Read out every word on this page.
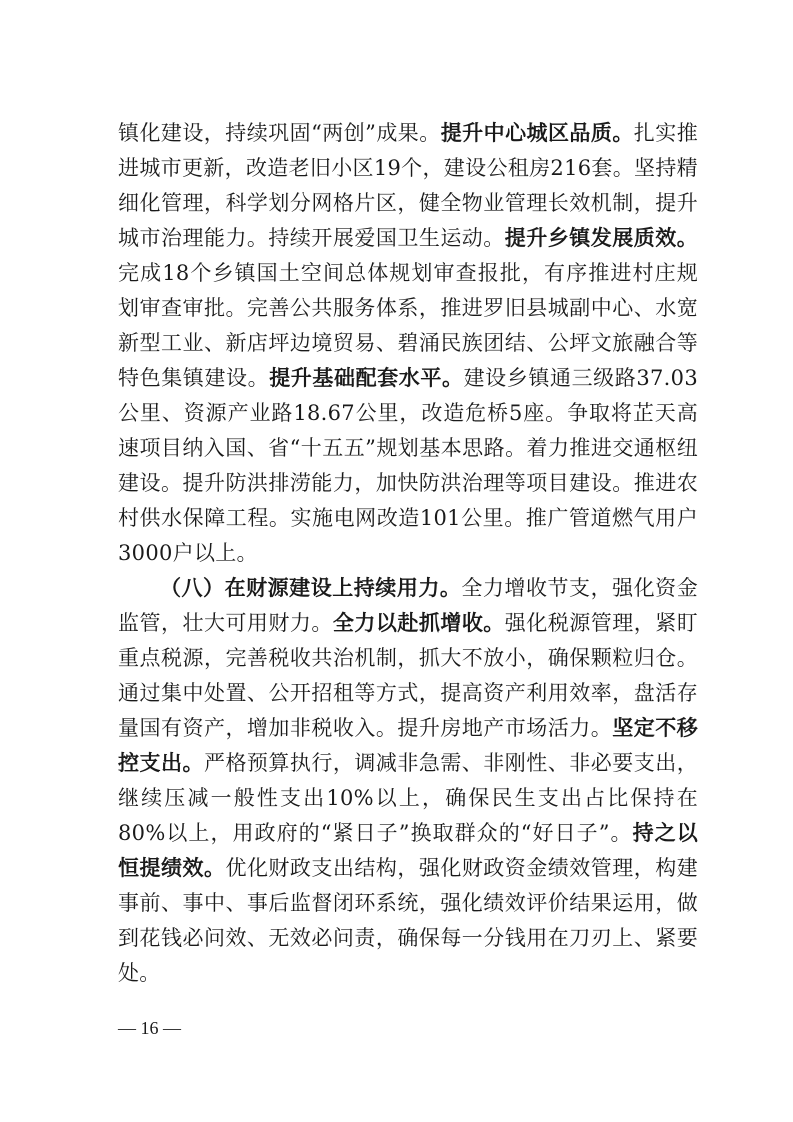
镇化建设，持续巩固“两创”成果。提升中心城区品质。扎实推进城市更新，改造老旧小区19个，建设公租房216套。坚持精细化管理，科学划分网格片区，健全物业管理长效机制，提升城市治理能力。持续开展爱国卫生运动。提升乡镇发展质效。完成18个乡镇国土空间总体规划审查报批，有序推进村庄规划审查审批。完善公共服务体系，推进罗旧县城副中心、水宽新型工业、新店坪边境贸易、碧涌民族团结、公坪文旅融合等特色集镇建设。提升基础配套水平。建设乡镇通三级路37.03公里、资源产业路18.67公里，改造危桥5座。争取将芷天高速项目纳入国、省“十五五”规划基本思路。着力推进交通枢纽建设。提升防洪排涝能力，加快防洪治理等项目建设。推进农村供水保障工程。实施电网改造101公里。推广管道燃气用户3000户以上。

（八）在财源建设上持续用力。全力增收节支，强化资金监管，壮大可用财力。全力以赴抓增收。强化税源管理，紧盯重点税源，完善税收共治机制，抓大不放小，确保颗粒归仓。通过集中处置、公开招租等方式，提高资产利用效率，盘活存量国有资产，增加非税收入。提升房地产市场活力。坚定不移控支出。严格预算执行，调减非急需、非刚性、非必要支出，继续压减一般性支出10%以上，确保民生支出占比保持在80%以上，用政府的“紧日子”换取群众的“好日子”。持之以恒提绩效。优化财政支出结构，强化财政资金绩效管理，构建事前、事中、事后监督闭环系统，强化绩效评价结果运用，做到花钱必问效、无效必问责，确保每一分钱用在刀刃上、紧要处。

— 16 —
